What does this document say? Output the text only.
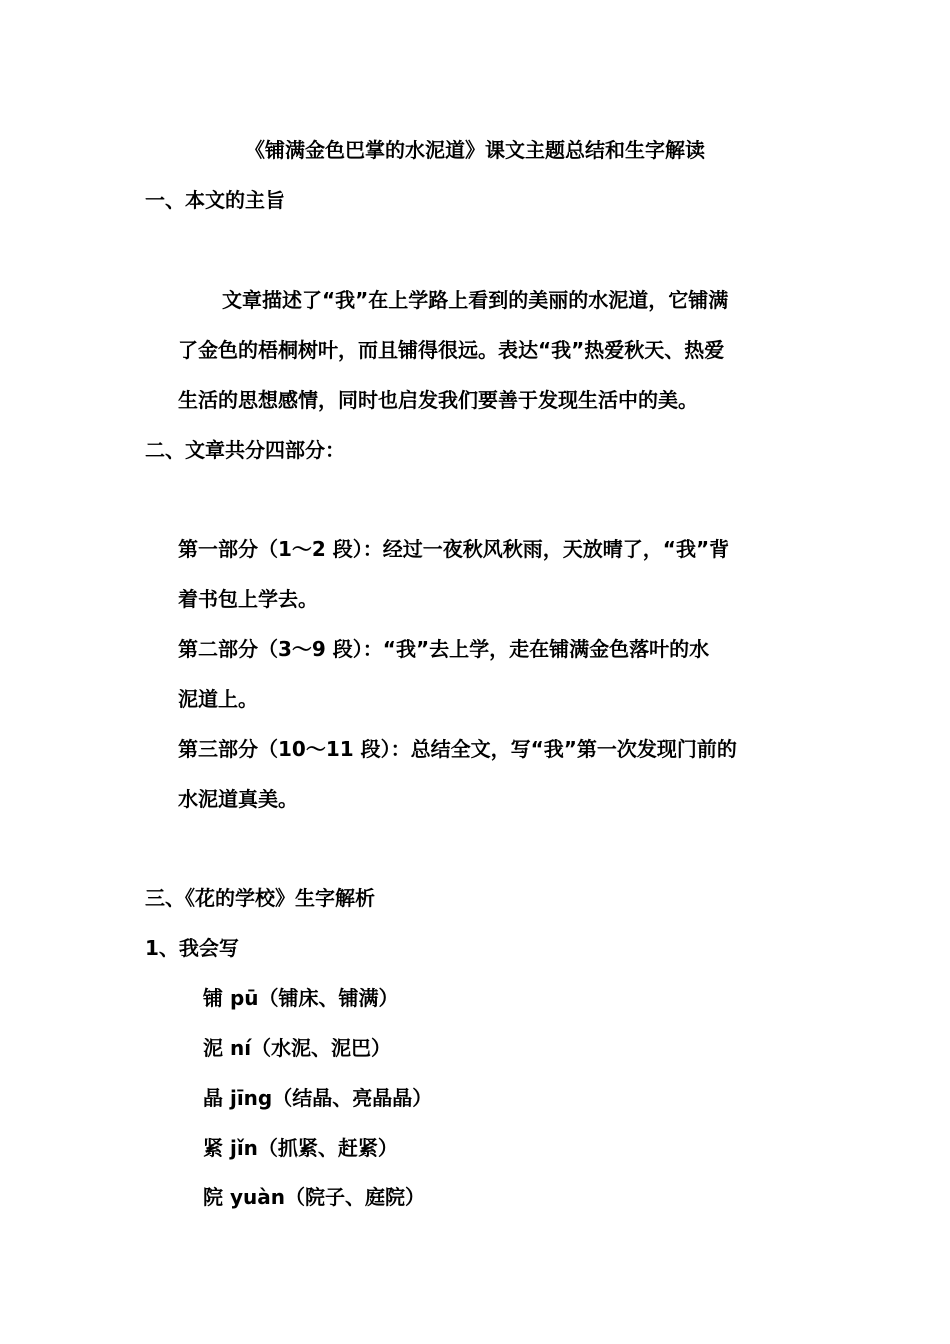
《铺满金色巴掌的水泥道》课文主题总结和生字解读
一、本文的主旨
文章描述了“我”在上学路上看到的美丽的水泥道，它铺满
了金色的梧桐树叶，而且铺得很远。表达“我”热爱秋天、热爱
生活的思想感情，同时也启发我们要善于发现生活中的美。
二、文章共分四部分：
第一部分（1～2 段）：经过一夜秋风秋雨，天放晴了，“我”背
着书包上学去。
第二部分（3～9 段）：“我”去上学，走在铺满金色落叶的水
泥道上。
第三部分（10～11 段）：总结全文，写“我”第一次发现门前的
水泥道真美。
三、《花的学校》生字解析
1、我会写
铺 pū（铺床、铺满）
泥 ní（水泥、泥巴）
晶 jīng（结晶、亮晶晶）
紧 jǐn（抓紧、赶紧）
院 yuàn（院子、庭院）
